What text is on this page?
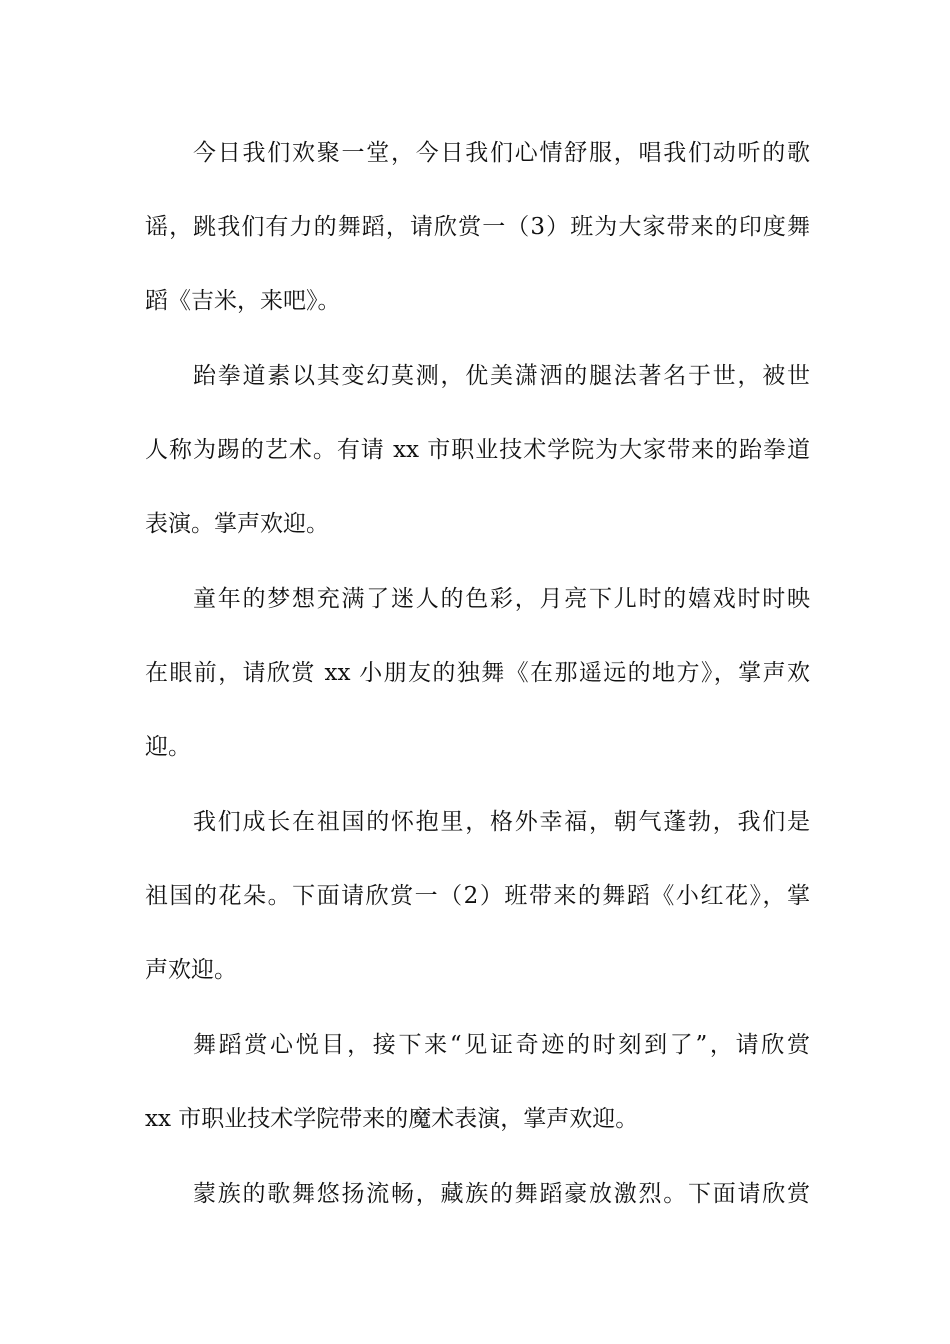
今日我们欢聚一堂，今日我们心情舒服，唱我们动听的歌
谣，跳我们有力的舞蹈，请欣赏一（3）班为大家带来的印度舞
蹈《吉米，来吧》。
跆拳道素以其变幻莫测，优美潇洒的腿法著名于世，被世
人称为踢的艺术。有请 xx 市职业技术学院为大家带来的跆拳道
表演。掌声欢迎。
童年的梦想充满了迷人的色彩，月亮下儿时的嬉戏时时映
在眼前，请欣赏 xx 小朋友的独舞《在那遥远的地方》，掌声欢
迎。
我们成长在祖国的怀抱里，格外幸福，朝气蓬勃，我们是
祖国的花朵。下面请欣赏一（2）班带来的舞蹈《小红花》，掌
声欢迎。
舞蹈赏心悦目，接下来“见证奇迹的时刻到了”，请欣赏
xx 市职业技术学院带来的魔术表演，掌声欢迎。
蒙族的歌舞悠扬流畅，藏族的舞蹈豪放激烈。下面请欣赏
